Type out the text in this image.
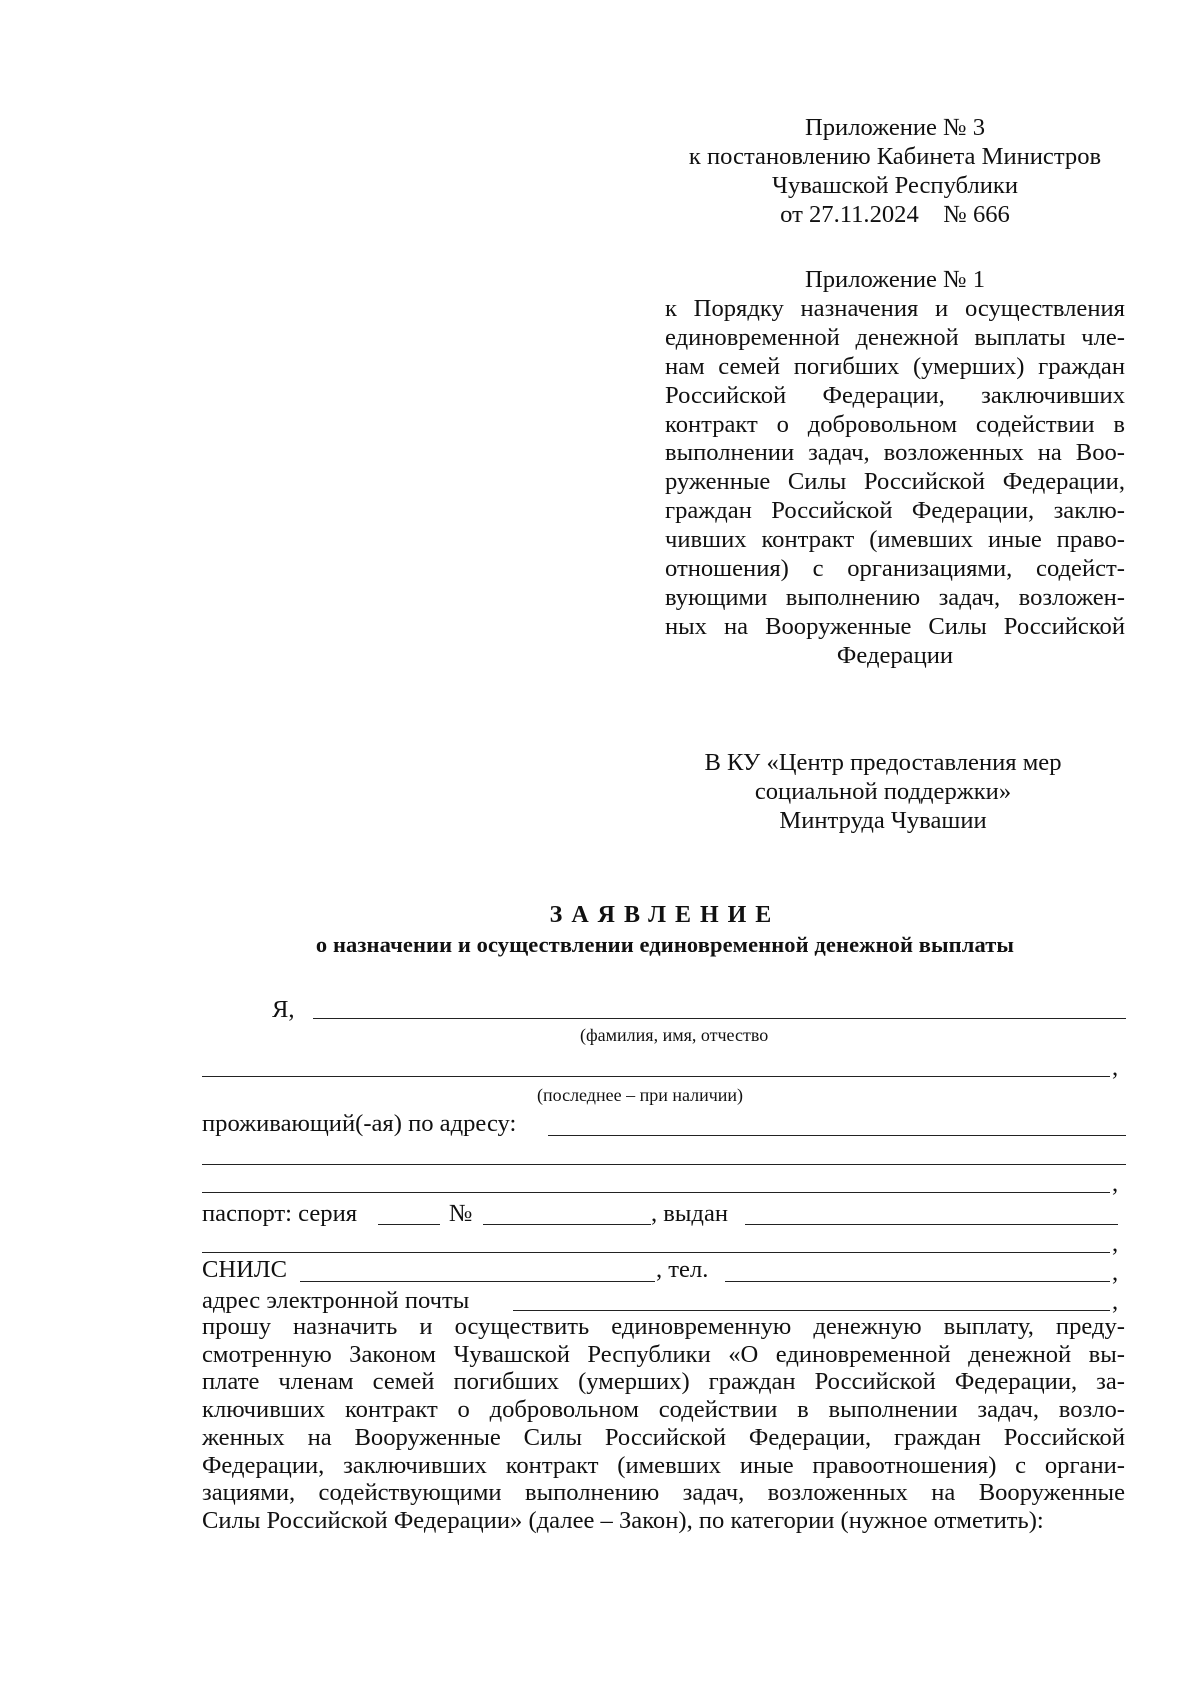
Приложение № 3

к постановлению Кабинета Министров

Чувашской Республики

от 27.11.2024    № 666

Приложение № 1

к Порядку назначения и осуществления

единовременной денежной выплаты чле-

нам семей погибших (умерших) граждан

Российской Федерации, заключивших

контракт о добровольном содействии в

выполнении задач, возложенных на Воо-

руженные Силы Российской Федерации,

граждан Российской Федерации, заклю-

чивших контракт (имевших иные право-

отношения) с организациями, содейст-

вующими выполнению задач, возложен-

ных на Вооруженные Силы Российской

Федерации

В КУ «Центр предоставления мер

социальной поддержки»

Минтруда Чувашии

ЗАЯВЛЕНИЕ
о назначении и осуществлении единовременной денежной выплаты
Я,
(фамилия, имя, отчество
,
(последнее – при наличии)
проживающий(-ая) по адресу:
,
паспорт: серия	№	, выдан
,
СНИЛС	, тел.	,
адрес электронной почты	,

прошу назначить и осуществить единовременную денежную выплату, преду-

смотренную Законом Чувашской Республики «О единовременной денежной вы-

плате членам семей погибших (умерших) граждан Российской Федерации, за-

ключивших контракт о добровольном содействии в выполнении задач, возло-

женных на Вооруженные Силы Российской Федерации, граждан Российской

Федерации, заключивших контракт (имевших иные правоотношения) с органи-

зациями, содействующими выполнению задач, возложенных на Вооруженные

Силы Российской Федерации» (далее – Закон), по категории (нужное отметить):
